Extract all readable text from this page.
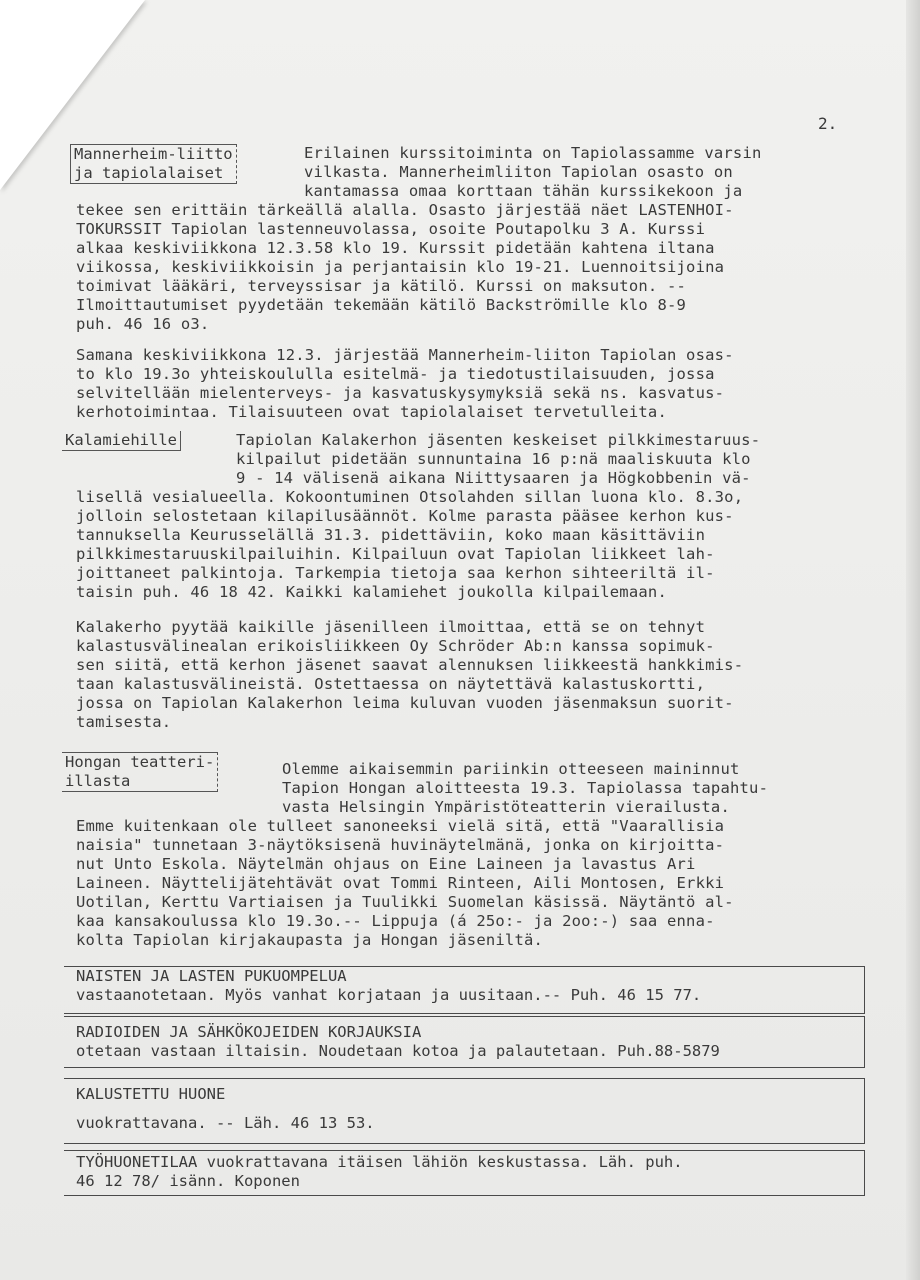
2.

Mannerheim-liitto
ja tapiolalaiset

Erilainen kurssitoiminta on Tapiolassamme varsin

vilkasta. Mannerheimliiton Tapiolan osasto on

kantamassa omaa korttaan tähän kurssikekoon ja

tekee sen erittäin tärkeällä alalla. Osasto järjestää näet LASTENHOI-

TOKURSSIT Tapiolan lastenneuvolassa, osoite Poutapolku 3 A. Kurssi

alkaa keskiviikkona 12.3.58 klo 19. Kurssit pidetään kahtena iltana

viikossa, keskiviikkoisin ja perjantaisin klo 19-21. Luennoitsijoina

toimivat lääkäri, terveyssisar ja kätilö. Kurssi on maksuton. --

Ilmoittautumiset pyydetään tekemään kätilö Backströmille klo 8-9

puh. 46 16 o3.

Samana keskiviikkona 12.3. järjestää Mannerheim-liiton Tapiolan osas-

to klo 19.3o yhteiskoululla esitelmä- ja tiedotustilaisuuden, jossa

selvitellään mielenterveys- ja kasvatuskysymyksiä sekä ns. kasvatus-

kerhotoimintaa. Tilaisuuteen ovat tapiolalaiset tervetulleita.

Kalamiehille	Tapiolan Kalakerhon jäsenten keskeiset pilkkimestaruus-

kilpailut pidetään sunnuntaina 16 p:nä maaliskuuta klo

9 - 14 välisenä aikana Niittysaaren ja Högkobbenin vä-

lisellä vesialueella. Kokoontuminen Otsolahden sillan luona klo. 8.3o,

jolloin selostetaan kilapilusäännöt. Kolme parasta pääsee kerhon kus-

tannuksella Keurusselällä 31.3. pidettäviin, koko maan käsittäviin

pilkkimestaruuskilpailuihin. Kilpailuun ovat Tapiolan liikkeet lah-

joittaneet palkintoja. Tarkempia tietoja saa kerhon sihteeriltä il-

taisin puh. 46 18 42. Kaikki kalamiehet joukolla kilpailemaan.

Kalakerho pyytää kaikille jäsenilleen ilmoittaa, että se on tehnyt

kalastusvälinealan erikoisliikkeen Oy Schröder Ab:n kanssa sopimuk-

sen siitä, että kerhon jäsenet saavat alennuksen liikkeestä hankkimis-

taan kalastusvälineistä. Ostettaessa on näytettävä kalastuskortti,

jossa on Tapiolan Kalakerhon leima kuluvan vuoden jäsenmaksun suorit-

tamisesta.

Hongan teatteri-
illasta

Olemme aikaisemmin pariinkin otteeseen maininnut

Tapion Hongan aloitteesta 19.3. Tapiolassa tapahtu-

vasta Helsingin Ympäristöteatterin vierailusta.

Emme kuitenkaan ole tulleet sanoneeksi vielä sitä, että "Vaarallisia

naisia" tunnetaan 3-näytöksisenä huvinäytelmänä, jonka on kirjoitta-

nut Unto Eskola. Näytelmän ohjaus on Eine Laineen ja lavastus Ari

Laineen. Näyttelijätehtävät ovat Tommi Rinteen, Aili Montosen, Erkki

Uotilan, Kerttu Vartiaisen ja Tuulikki Suomelan käsissä. Näytäntö al-

kaa kansakoulussa klo 19.3o.-- Lippuja (á 25o:- ja 2oo:-) saa enna-

kolta Tapiolan kirjakaupasta ja Hongan jäseniltä.

NAISTEN JA LASTEN PUKUOMPELUA
vastaanotetaan. Myös vanhat korjataan ja uusitaan.-- Puh. 46 15 77.
RADIOIDEN JA SÄHKÖKOJEIDEN KORJAUKSIA
otetaan vastaan iltaisin. Noudetaan kotoa ja palautetaan. Puh.88-5879
KALUSTETTU HUONE
vuokrattavana. -- Läh. 46 13 53.
TYÖHUONETILAA vuokrattavana itäisen lähiön keskustassa. Läh. puh.
46 12 78/ isänn. Koponen
